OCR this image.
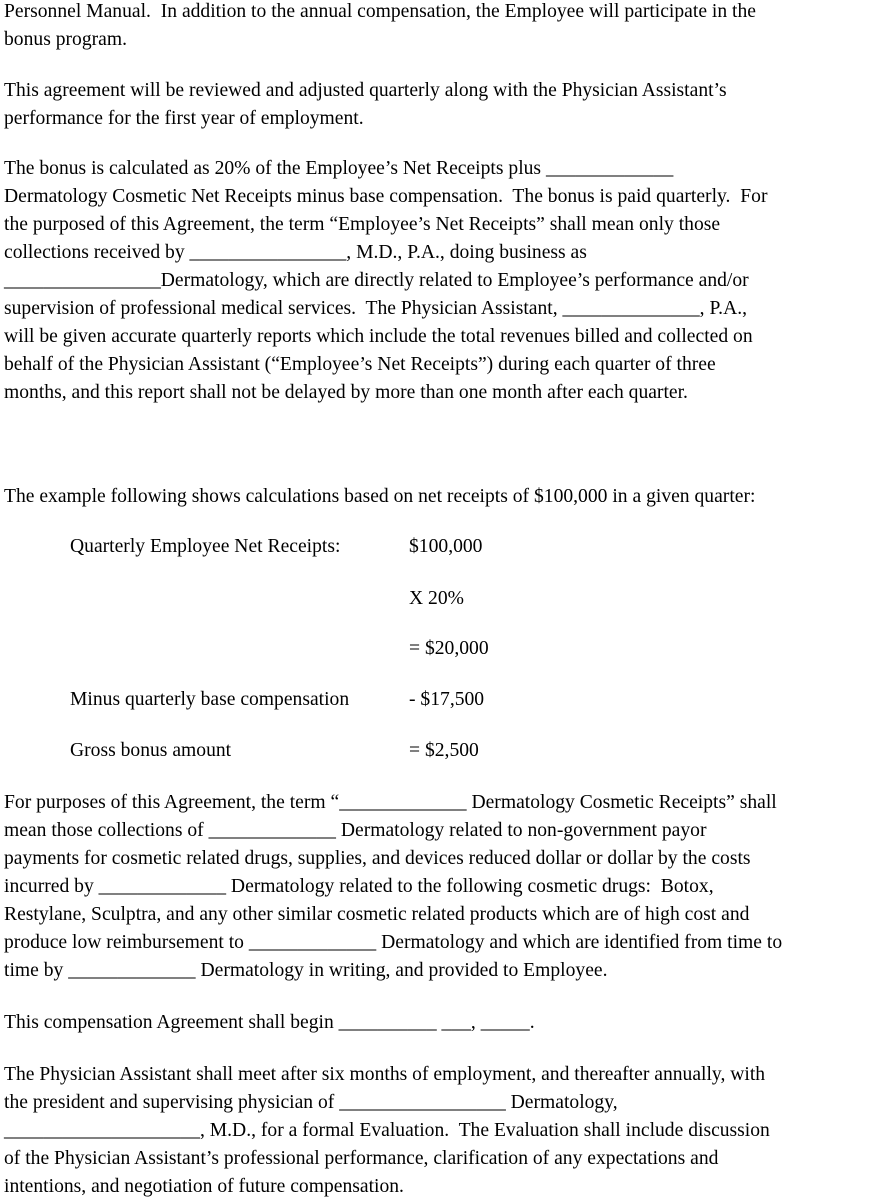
Personnel Manual.  In addition to the annual compensation, the Employee will participate in the
bonus program.
This agreement will be reviewed and adjusted quarterly along with the Physician Assistant’s
performance for the first year of employment.
The bonus is calculated as 20% of the Employee’s Net Receipts plus _____________
Dermatology Cosmetic Net Receipts minus base compensation.  The bonus is paid quarterly.  For
the purposed of this Agreement, the term “Employee’s Net Receipts” shall mean only those
collections received by ________________, M.D., P.A., doing business as
________________Dermatology, which are directly related to Employee’s performance and/or
supervision of professional medical services.  The Physician Assistant, ______________, P.A.,
will be given accurate quarterly reports which include the total revenues billed and collected on
behalf of the Physician Assistant (“Employee’s Net Receipts”) during each quarter of three
months, and this report shall not be delayed by more than one month after each quarter.
The example following shows calculations based on net receipts of $100,000 in a given quarter:
Quarterly Employee Net Receipts:	$100,000
X 20%
= $20,000
Minus quarterly base compensation	- $17,500
Gross bonus amount	= $2,500
For purposes of this Agreement, the term “_____________ Dermatology Cosmetic Receipts” shall
mean those collections of _____________ Dermatology related to non-government payor
payments for cosmetic related drugs, supplies, and devices reduced dollar or dollar by the costs
incurred by _____________ Dermatology related to the following cosmetic drugs:  Botox,
Restylane, Sculptra, and any other similar cosmetic related products which are of high cost and
produce low reimbursement to _____________ Dermatology and which are identified from time to
time by _____________ Dermatology in writing, and provided to Employee.
This compensation Agreement shall begin __________ ___, _____.
The Physician Assistant shall meet after six months of employment, and thereafter annually, with
the president and supervising physician of _________________ Dermatology,
____________________, M.D., for a formal Evaluation.  The Evaluation shall include discussion
of the Physician Assistant’s professional performance, clarification of any expectations and
intentions, and negotiation of future compensation.
